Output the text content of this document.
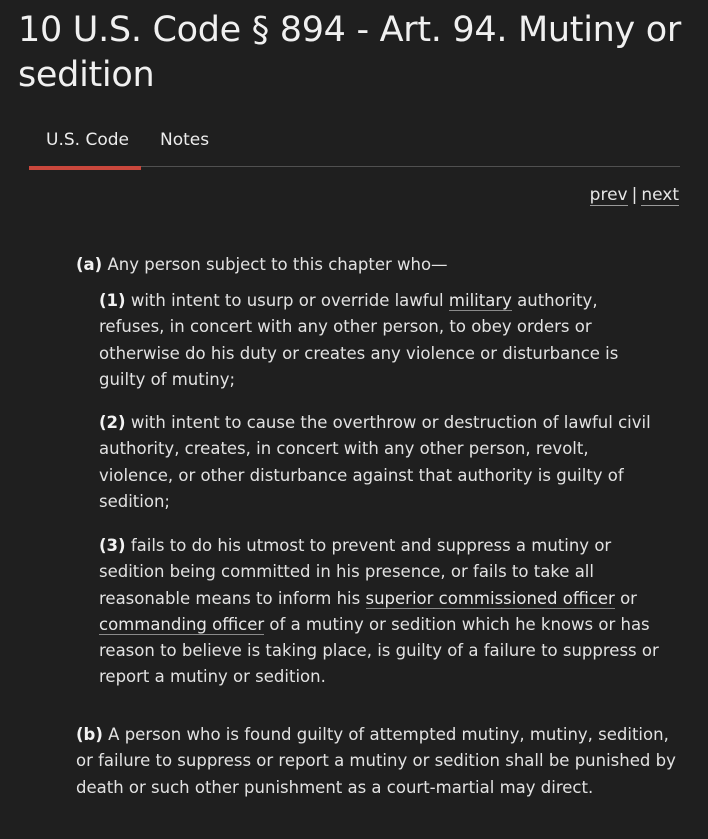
10 U.S. Code § 894 - Art. 94. Mutiny or sedition
U.S. Code Notes
prev | next

(a) Any person subject to this chapter who—

(1) with intent to usurp or override lawful military authority, refuses, in concert with any other person, to obey orders or otherwise do his duty or creates any violence or disturbance is guilty of mutiny;

(2) with intent to cause the overthrow or destruction of lawful civil authority, creates, in concert with any other person, revolt, violence, or other disturbance against that authority is guilty of sedition;

(3) fails to do his utmost to prevent and suppress a mutiny or sedition being committed in his presence, or fails to take all reasonable means to inform his superior commissioned officer or commanding officer of a mutiny or sedition which he knows or has reason to believe is taking place, is guilty of a failure to suppress or report a mutiny or sedition.

(b) A person who is found guilty of attempted mutiny, mutiny, sedition, or failure to suppress or report a mutiny or sedition shall be punished by death or such other punishment as a court-martial may direct.
